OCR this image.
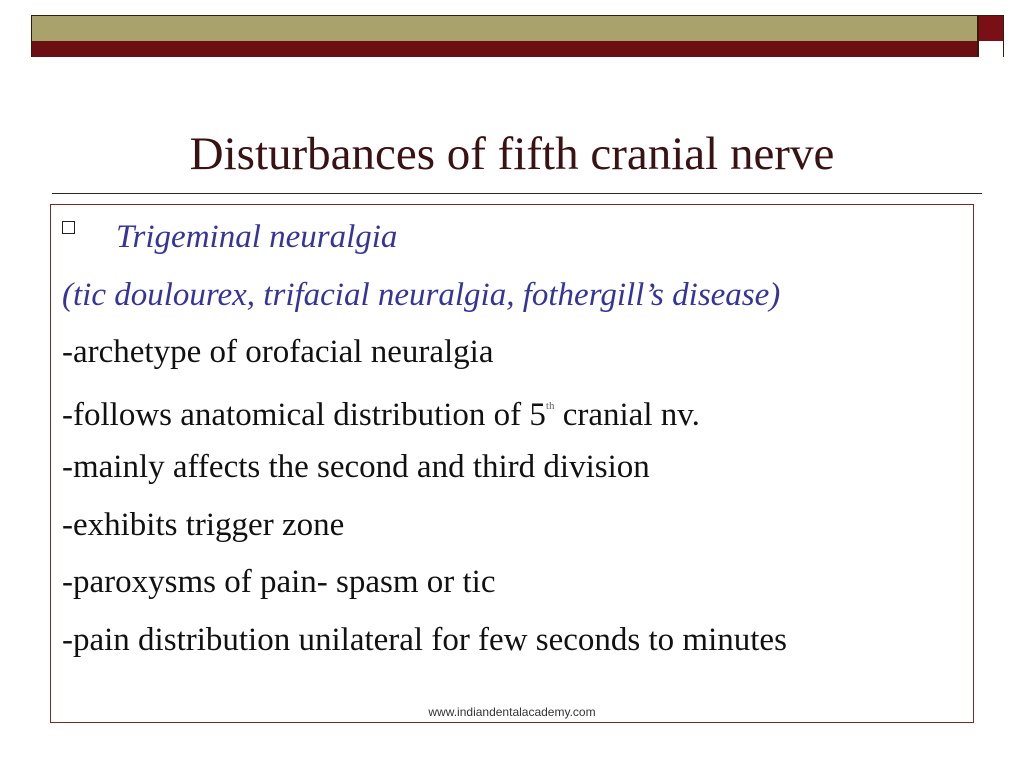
Disturbances of fifth cranial nerve
Trigeminal neuralgia
(tic doulourex, trifacial neuralgia, fothergill’s disease)
-archetype of orofacial neuralgia
-follows anatomical distribution of 5th cranial nv.
-mainly affects the second and third division
-exhibits trigger zone
-paroxysms of pain- spasm or tic
-pain distribution unilateral for few seconds to minutes
www.indiandentalacademy.com
